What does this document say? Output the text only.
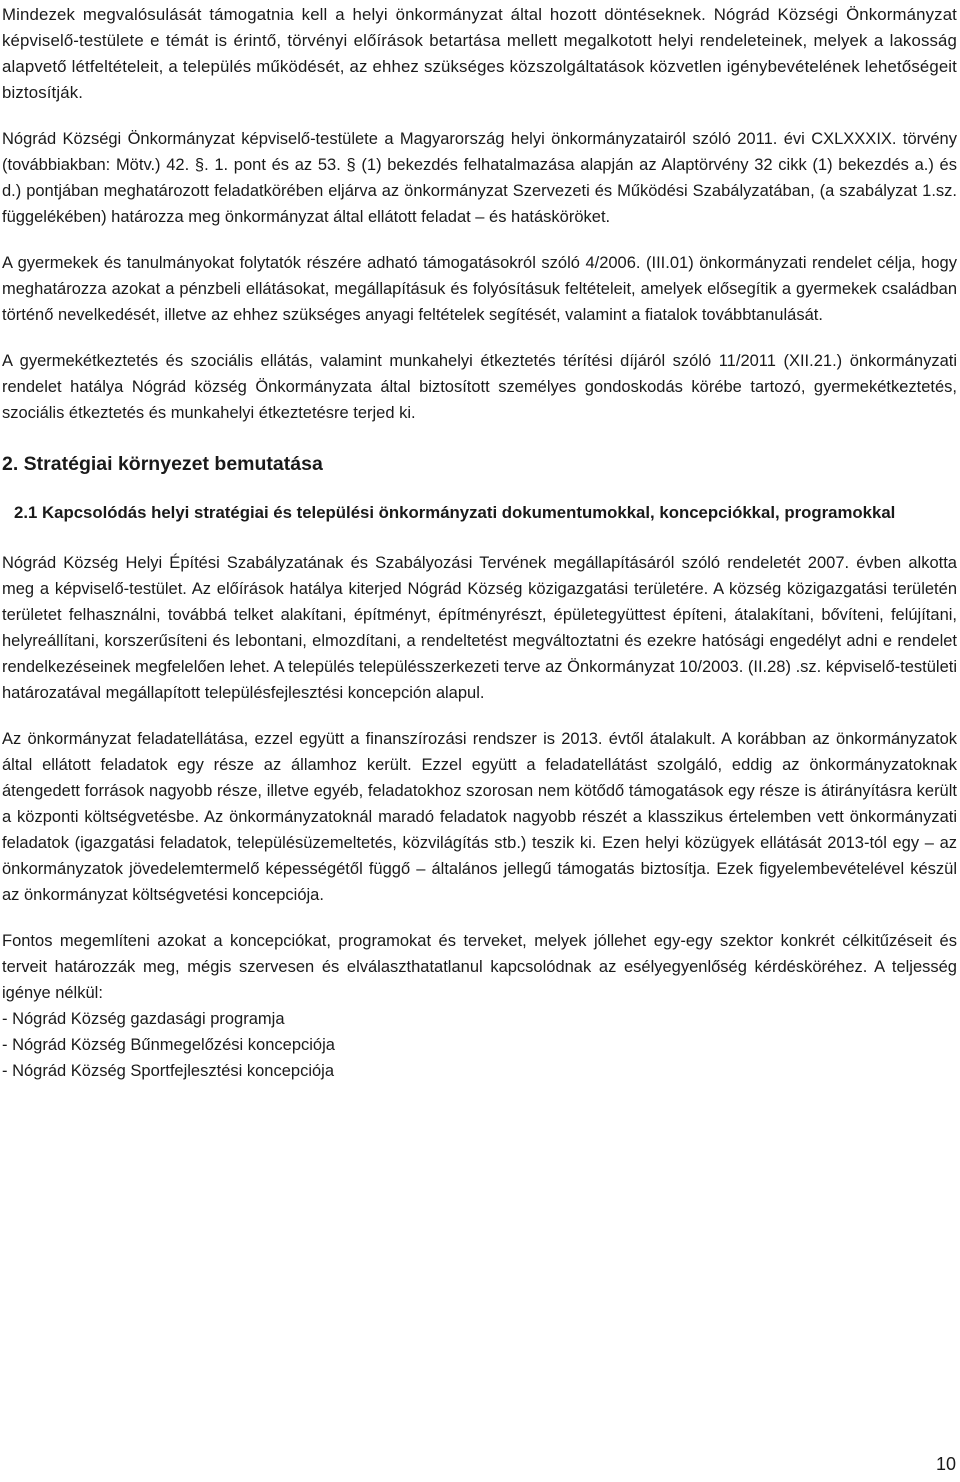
Mindezek megvalósulását támogatnia kell a helyi önkormányzat által hozott döntéseknek. Nógrád Községi Önkormányzat képviselő-testülete e témát is érintő, törvényi előírások betartása mellett megalkotott helyi rendeleteinek, melyek a lakosság alapvető létfeltételeit, a település működését, az ehhez szükséges közszolgáltatások közvetlen igénybevételének lehetőségeit biztosítják.

Nógrád Községi Önkormányzat képviselő-testülete a Magyarország helyi önkormányzatairól szóló 2011. évi CXLXXXIX. törvény (továbbiakban: Mötv.) 42. §. 1. pont és az 53. § (1) bekezdés felhatalmazása alapján az Alaptörvény 32 cikk (1) bekezdés a.) és d.) pontjában meghatározott feladatkörében eljárva az önkormányzat Szervezeti és Működési Szabályzatában, (a szabályzat 1.sz. függelékében) határozza meg önkormányzat által ellátott feladat – és hatásköröket.

A gyermekek és tanulmányokat folytatók részére adható támogatásokról szóló 4/2006. (III.01) önkormányzati rendelet célja, hogy meghatározza azokat a pénzbeli ellátásokat, megállapításuk és folyósításuk feltételeit, amelyek elősegítik a gyermekek családban történő nevelkedését, illetve az ehhez szükséges anyagi feltételek segítését, valamint a fiatalok továbbtanulását.

A gyermekétkeztetés és szociális ellátás, valamint munkahelyi étkeztetés térítési díjáról szóló 11/2011 (XII.21.) önkormányzati rendelet hatálya Nógrád község Önkormányzata által biztosított személyes gondoskodás körébe tartozó, gyermekétkeztetés, szociális étkeztetés és munkahelyi étkeztetésre terjed ki.

2. Stratégiai környezet bemutatása
2.1 Kapcsolódás helyi stratégiai és települési önkormányzati dokumentumokkal, koncepciókkal, programokkal

Nógrád Község Helyi Építési Szabályzatának és Szabályozási Tervének megállapításáról szóló rendeletét 2007. évben alkotta meg a képviselő-testület. Az előírások hatálya kiterjed Nógrád Község közigazgatási területére. A község közigazgatási területén területet felhasználni, továbbá telket alakítani, építményt, építményrészt, épületegyüttest építeni, átalakítani, bővíteni, felújítani, helyreállítani, korszerűsíteni és lebontani, elmozdítani, a rendeltetést megváltoztatni és ezekre hatósági engedélyt adni e rendelet rendelkezéseinek megfelelően lehet. A település településszerkezeti terve az Önkormányzat 10/2003. (II.28) .sz. képviselő-testületi határozatával megállapított településfejlesztési koncepción alapul.

Az önkormányzat feladatellátása, ezzel együtt a finanszírozási rendszer is 2013. évtől átalakult. A korábban az önkormányzatok által ellátott feladatok egy része az államhoz került. Ezzel együtt a feladatellátást szolgáló, eddig az önkormányzatoknak átengedett források nagyobb része, illetve egyéb, feladatokhoz szorosan nem kötődő támogatások egy része is átirányításra került a központi költségvetésbe. Az önkormányzatoknál maradó feladatok nagyobb részét a klasszikus értelemben vett önkormányzati feladatok (igazgatási feladatok, településüzemeltetés, közvilágítás stb.) teszik ki. Ezen helyi közügyek ellátását 2013-tól egy – az önkormányzatok jövedelemtermelő képességétől függő – általános jellegű támogatás biztosítja. Ezek figyelembevételével készül az önkormányzat költségvetési koncepciója.

Fontos megemlíteni azokat a koncepciókat, programokat és terveket, melyek jóllehet egy-egy szektor konkrét célkitűzéseit és terveit határozzák meg, mégis szervesen és elválaszthatatlanul kapcsolódnak az esélyegyenlőség kérdésköréhez. A teljesség igénye nélkül:

- Nógrád Község gazdasági programja
- Nógrád Község Bűnmegelőzési koncepciója
- Nógrád Község Sportfejlesztési koncepciója
10
